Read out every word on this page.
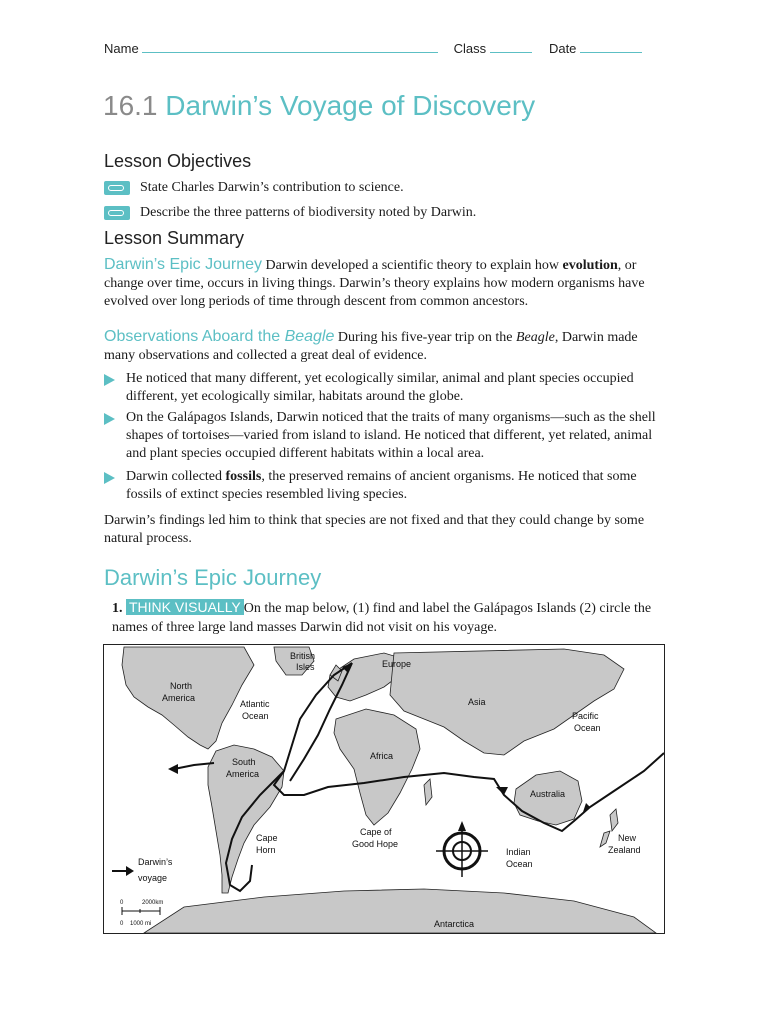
Name	Class	Date
16.1 Darwin’s Voyage of Discovery
Lesson Objectives
State Charles Darwin’s contribution to science.
Describe the three patterns of biodiversity noted by Darwin.
Lesson Summary
Darwin’s Epic Journey Darwin developed a scientific theory to explain how evolution, or change over time, occurs in living things. Darwin’s theory explains how modern organisms have evolved over long periods of time through descent from common ancestors.
Observations Aboard the Beagle During his five-year trip on the Beagle, Darwin made many observations and collected a great deal of evidence.
He noticed that many different, yet ecologically similar, animal and plant species occupied different, yet ecologically similar, habitats around the globe.
On the Galápagos Islands, Darwin noticed that the traits of many organisms—such as the shell shapes of tortoises—varied from island to island. He noticed that different, yet related, animal and plant species occupied different habitats within a local area.
Darwin collected fossils, the preserved remains of ancient organisms. He noticed that some fossils of extinct species resembled living species.
Darwin’s findings led him to think that species are not fixed and that they could change by some natural process.
Darwin’s Epic Journey
1. THINK VISUALLY On the map below, (1) find and label the Galápagos Islands (2) circle the names of three large land masses Darwin did not visit on his voyage.
British
Isles	Europe
North
America
Atlantic
Ocean
Asia
Pacific
Ocean
Africa
South
America
Australia
Cape
Horn
Cape of
Good Hope
Indian
Ocean
New
Zealand
Darwin’s
voyage
Antarctica
0	2000km
0 1000 mi
